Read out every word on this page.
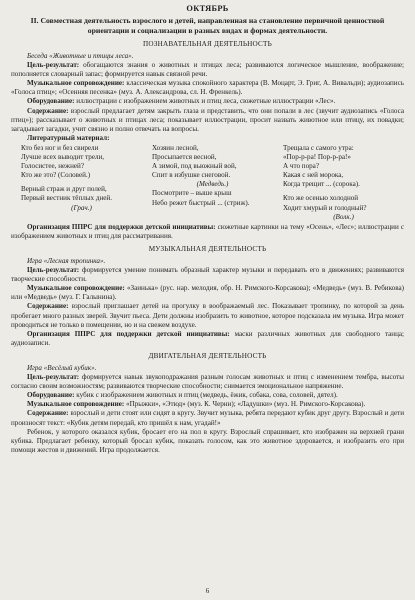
ОКТЯБРЬ
II. Совместная деятельность взрослого и детей, направленная на становление первичной ценностной ориентации и социализации в разных видах и формах деятельности.
ПОЗНАВАТЕЛЬНАЯ ДЕЯТЕЛЬНОСТЬ

Беседа «Животные и птицы леса».

Цель-результат: обогащаются знания о животных и птицах леса; развиваются логическое мышление, воображение; пополняется словарный запас; формируется навык связной речи.

Музыкальное сопровождение: классическая музыка спокойного характера (В. Моцарт, Э. Григ, А. Вивальди); аудиозапись «Голоса птиц»; «Осенняя песенка» (муз. А. Александрова, сл. Н. Френкель).

Оборудование: иллюстрации с изображением животных и птиц леса, сюжетные иллюстрации «Лес».

Содержание: взрослый предлагает детям закрыть глаза и представить, что они попали в лес (звучит аудиозапись «Голоса птиц»); рассказывает о животных и птицах леса; показывает иллюстрации, просит назвать животное или птицу, их повадки; загадывает загадки, учит связно и полно отвечать на вопросы.

Литературный материал:

Кто без ног и без свирели
Лучше всех выводит трели,
Голосистее, нежней?
Кто же это? (Соловей.)
Верный страж и друг полей,
Первый вестник тёплых дней.
(Грач.)
Хозяин лесной,
Просыпается весной,
А зимой, под вьюжный вой,
Спит в избушке снеговой.
(Медведь.)
Посмотрите – выше крыш
Небо режет быстрый ... (стриж).
Трещала с самого утра:
«Пор-р-ра! Пор-р-ра!»
А что пора?
Какая с ней морока,
Когда трещит ... (сорока).
Кто же осенью холодной
Ходит хмурый и голодный?
(Волк.)

Организация ППРС для поддержки детской инициативы: сюжетные картинки на тему «Осень», «Лес»; иллюстрации с изображением животных и птиц для рассматривания.

МУЗЫКАЛЬНАЯ ДЕЯТЕЛЬНОСТЬ

Игра «Лесная тропинка».

Цель-результат: формируется умение понимать образный характер музыки и передавать его в движениях; развиваются творческие способности.

Музыкальное сопровождение: «Заинька» (рус. нар. мелодия, обр. Н. Римского-Корсакова); «Медведь» (муз. В. Ребикова) или «Медведь» (муз. Г. Галынина).

Содержание: взрослый приглашает детей на прогулку в воображаемый лес. Показывает тропинку, по которой за день пробегает много разных зверей. Звучит пьеса. Дети должны изобразить то животное, которое подсказала им музыка. Игра может проводиться не только в помещении, но и на свежем воздухе.

Организация ППРС для поддержки детской инициативы: маски различных животных для свободного танца; аудиозаписи.

ДВИГАТЕЛЬНАЯ ДЕЯТЕЛЬНОСТЬ

Игра «Весёлый кубик».

Цель-результат: формируется навык звукоподражания разным голосам животных и птиц с изменением тембра, высоты согласно своим возможностям; развиваются творческие способности; снимается эмоциональное напряжение.

Оборудование: кубик с изображением животных и птиц (медведь, ёжик, собака, сова, соловей, дятел).

Музыкальное сопровождение: «Прыжки», «Этюд» (муз. К. Черни); «Ладушки» (муз. Н. Римского-Корсакова).

Содержание: взрослый и дети стоят или сидят в кругу. Звучит музыка, ребята передают кубик друг другу. Взрослый и дети произносят текст: «Кубик детям передай, кто пришёл к нам, угадай!»

Ребенок, у которого оказался кубик, бросает его на пол в кругу. Взрослый спрашивает, кто изображен на верхней грани кубика. Предлагает ребенку, который бросал кубик, показать голосом, как это животное здоровается, и изобразить его при помощи жестов и движений. Игра продолжается.

6
